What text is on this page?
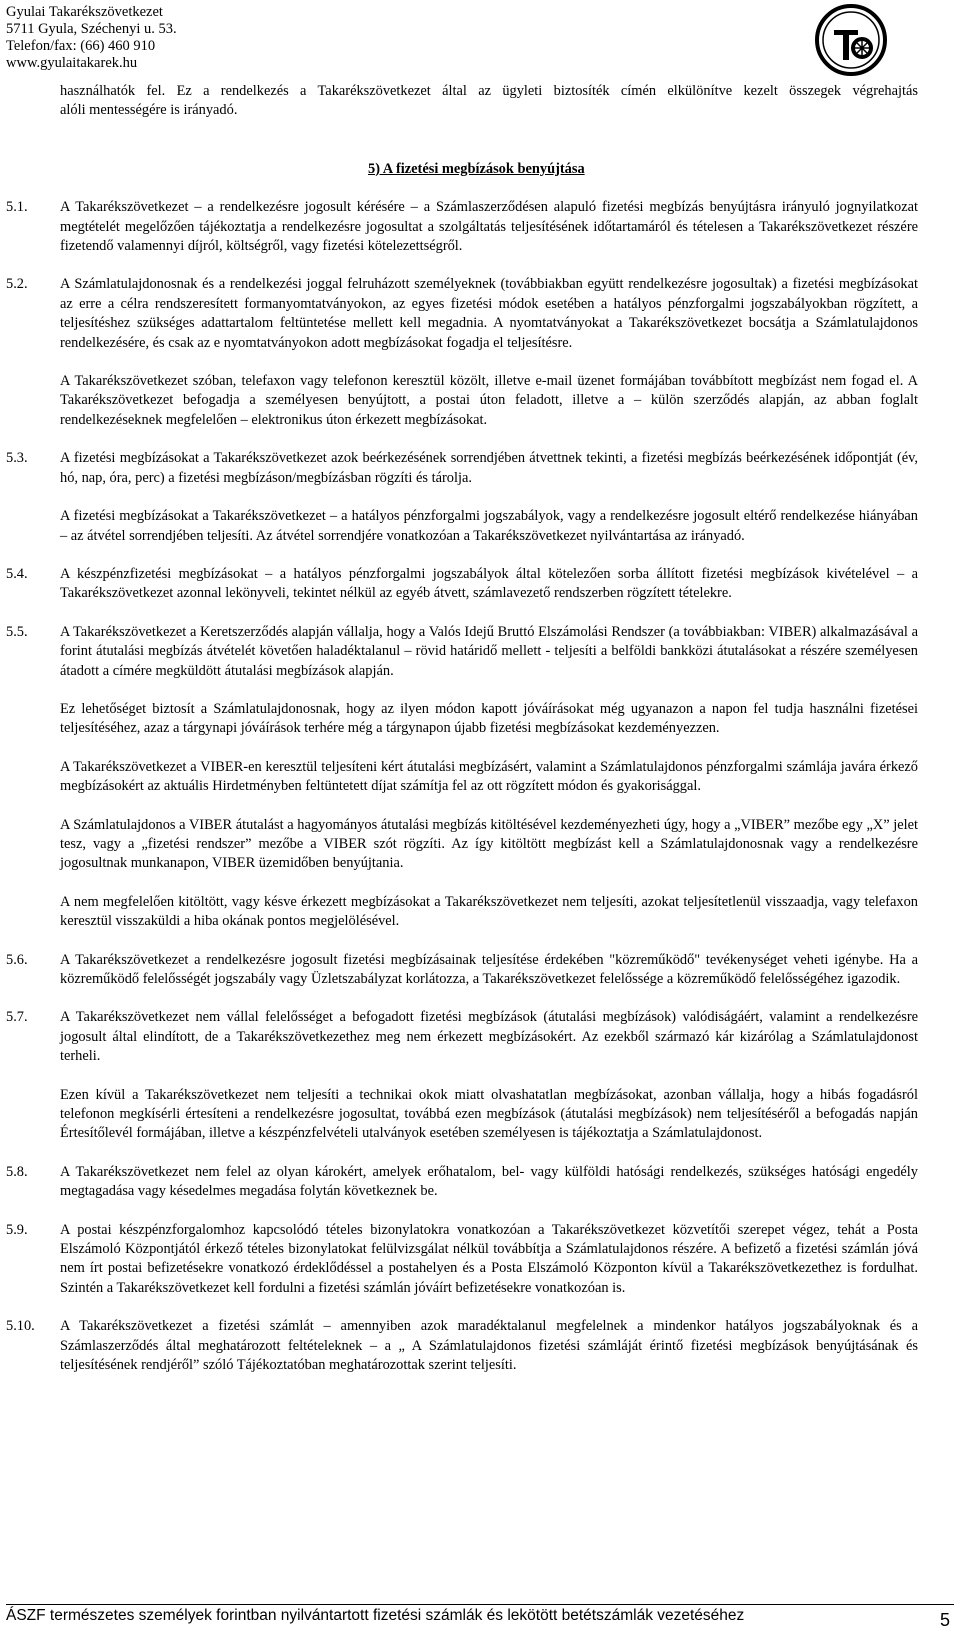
Gyulai Takarékszövetkezet
5711 Gyula, Széchenyi u. 53.
Telefon/fax: (66) 460 910
www.gyulaitakarek.hu

használhatók fel. Ez a rendelkezés a Takarékszövetkezet által az ügyleti biztosíték címén elkülönítve kezelt összegek végrehajtás

alóli mentességére is irányadó.

5) A fizetési megbízások benyújtása

5.1.	A Takarékszövetkezet – a rendelkezésre jogosult kérésére – a Számlaszerződésen alapuló fizetési megbízás benyújtásra irányuló jognyilatkozat megtételét megelőzően tájékoztatja a rendelkezésre jogosultat a szolgáltatás teljesítésének időtartamáról és tételesen a Takarékszövetkezet részére fizetendő valamennyi díjról, költségről, vagy fizetési kötelezettségről.
5.2.	A Számlatulajdonosnak és a rendelkezési joggal felruházott személyeknek (továbbiakban együtt rendelkezésre jogosultak) a fizetési megbízásokat az erre a célra rendszeresített formanyomtatványokon, az egyes fizetési módok esetében a hatályos pénzforgalmi jogszabályokban rögzített, a teljesítéshez szükséges adattartalom feltüntetése mellett kell megadnia. A nyomtatványokat a Takarékszövetkezet bocsátja a Számlatulajdonos rendelkezésére, és csak az e nyomtatványokon adott megbízásokat fogadja el teljesítésre.

A Takarékszövetkezet szóban, telefaxon vagy telefonon keresztül közölt, illetve e-mail üzenet formájában továbbított megbízást nem fogad el. A Takarékszövetkezet befogadja a személyesen benyújtott, a postai úton feladott, illetve a – külön szerződés alapján, az abban foglalt rendelkezéseknek megfelelően – elektronikus úton érkezett megbízásokat.

5.3.	A fizetési megbízásokat a Takarékszövetkezet azok beérkezésének sorrendjében átvettnek tekinti, a fizetési megbízás beérkezésének időpontját (év, hó, nap, óra, perc) a fizetési megbízáson/megbízásban rögzíti és tárolja.

A fizetési megbízásokat a Takarékszövetkezet – a hatályos pénzforgalmi jogszabályok, vagy a rendelkezésre jogosult eltérő rendelkezése hiányában – az átvétel sorrendjében teljesíti. Az átvétel sorrendjére vonatkozóan a Takarékszövetkezet nyilvántartása az irányadó.

5.4.	A készpénzfizetési megbízásokat – a hatályos pénzforgalmi jogszabályok által kötelezően sorba állított fizetési megbízások kivételével – a Takarékszövetkezet azonnal lekönyveli, tekintet nélkül az egyéb átvett, számlavezető rendszerben rögzített tételekre.
5.5.	A Takarékszövetkezet a Keretszerződés alapján vállalja, hogy a Valós Idejű Bruttó Elszámolási Rendszer (a továbbiakban: VIBER) alkalmazásával a forint átutalási megbízás átvételét követően haladéktalanul – rövid határidő mellett - teljesíti a belföldi bankközi átutalásokat a részére személyesen átadott a címére megküldött átutalási megbízások alapján.

Ez lehetőséget biztosít a Számlatulajdonosnak, hogy az ilyen módon kapott jóváírásokat még ugyanazon a napon fel tudja használni fizetései teljesítéséhez, azaz a tárgynapi jóváírások terhére még a tárgynapon újabb fizetési megbízásokat kezdeményezzen.

A Takarékszövetkezet a VIBER-en keresztül teljesíteni kért átutalási megbízásért, valamint a Számlatulajdonos pénzforgalmi számlája javára érkező megbízásokért az aktuális Hirdetményben feltüntetett díjat számítja fel az ott rögzített módon és gyakorisággal.

A Számlatulajdonos a VIBER átutalást a hagyományos átutalási megbízás kitöltésével kezdeményezheti úgy, hogy a „VIBER” mezőbe egy „X” jelet tesz, vagy a „fizetési rendszer” mezőbe a VIBER szót rögzíti. Az így kitöltött megbízást kell a Számlatulajdonosnak vagy a rendelkezésre jogosultnak munkanapon, VIBER üzemidőben benyújtania.

A nem megfelelően kitöltött, vagy késve érkezett megbízásokat a Takarékszövetkezet nem teljesíti, azokat teljesítetlenül visszaadja, vagy telefaxon keresztül visszaküldi a hiba okának pontos megjelölésével.

5.6.	A Takarékszövetkezet a rendelkezésre jogosult fizetési megbízásainak teljesítése érdekében "közreműködő" tevékenységet veheti igénybe. Ha a közreműködő felelősségét jogszabály vagy Üzletszabályzat korlátozza, a Takarékszövetkezet felelőssége a közreműködő felelősségéhez igazodik.
5.7.	A Takarékszövetkezet nem vállal felelősséget a befogadott fizetési megbízások (átutalási megbízások) valódiságáért, valamint a rendelkezésre jogosult által elindított, de a Takarékszövetkezethez meg nem érkezett megbízásokért. Az ezekből származó kár kizárólag a Számlatulajdonost terheli.

Ezen kívül a Takarékszövetkezet nem teljesíti a technikai okok miatt olvashatatlan megbízásokat, azonban vállalja, hogy a hibás fogadásról telefonon megkísérli értesíteni a rendelkezésre jogosultat, továbbá ezen megbízások (átutalási megbízások) nem teljesítéséről a befogadás napján Értesítőlevél formájában, illetve a készpénzfelvételi utalványok esetében személyesen is tájékoztatja a Számlatulajdonost.

5.8.	A Takarékszövetkezet nem felel az olyan károkért, amelyek erőhatalom, bel- vagy külföldi hatósági rendelkezés, szükséges hatósági engedély megtagadása vagy késedelmes megadása folytán következnek be.
5.9.	A postai készpénzforgalomhoz kapcsolódó tételes bizonylatokra vonatkozóan a Takarékszövetkezet közvetítői szerepet végez, tehát a Posta Elszámoló Központjától érkező tételes bizonylatokat felülvizsgálat nélkül továbbítja a Számlatulajdonos részére. A befizető a fizetési számlán jóvá nem írt postai befizetésekre vonatkozó érdeklődéssel a postahelyen és a Posta Elszámoló Központon kívül a Takarékszövetkezethez is fordulhat. Szintén a Takarékszövetkezet kell fordulni a fizetési számlán jóváírt befizetésekre vonatkozóan is.
5.10.	A Takarékszövetkezet a fizetési számlát – amennyiben azok maradéktalanul megfelelnek a mindenkor hatályos jogszabályoknak és a Számlaszerződés által meghatározott feltételeknek – a „ A Számlatulajdonos fizetési számláját érintő fizetési megbízások benyújtásának és teljesítésének rendjéről” szóló Tájékoztatóban meghatározottak szerint teljesíti.
ÁSZF természetes személyek forintban nyilvántartott fizetési számlák és lekötött betétszámlák vezetéséhez	5
